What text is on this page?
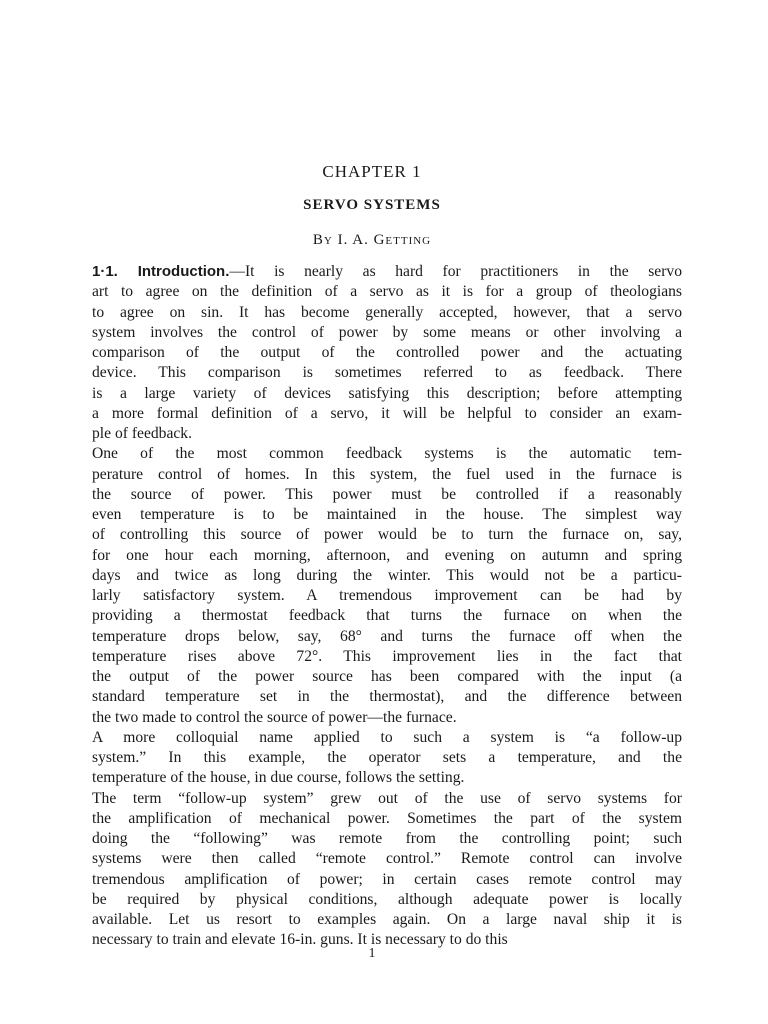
CHAPTER 1
SERVO SYSTEMS
By I. A. Getting

1·1. Introduction.—It is nearly as hard for practitioners in the servo
art to agree on the definition of a servo as it is for a group of theologians
to agree on sin. It has become generally accepted, however, that a servo
system involves the control of power by some means or other involving a
comparison of the output of the controlled power and the actuating
device. This comparison is sometimes referred to as feedback. There
is a large variety of devices satisfying this description; before attempting
a more formal definition of a servo, it will be helpful to consider an exam-
ple of feedback.

One of the most common feedback systems is the automatic tem-
perature control of homes. In this system, the fuel used in the furnace is
the source of power. This power must be controlled if a reasonably
even temperature is to be maintained in the house. The simplest way
of controlling this source of power would be to turn the furnace on, say,
for one hour each morning, afternoon, and evening on autumn and spring
days and twice as long during the winter. This would not be a particu-
larly satisfactory system. A tremendous improvement can be had by
providing a thermostat feedback that turns the furnace on when the
temperature drops below, say, 68° and turns the furnace off when the
temperature rises above 72°. This improvement lies in the fact that
the output of the power source has been compared with the input (a
standard temperature set in the thermostat), and the difference between
the two made to control the source of power—the furnace.

A more colloquial name applied to such a system is “a follow-up
system.” In this example, the operator sets a temperature, and the
temperature of the house, in due course, follows the setting.

The term “follow-up system” grew out of the use of servo systems for
the amplification of mechanical power. Sometimes the part of the system
doing the “following” was remote from the controlling point; such
systems were then called “remote control.” Remote control can involve
tremendous amplification of power; in certain cases remote control may
be required by physical conditions, although adequate power is locally
available. Let us resort to examples again. On a large naval ship it is
necessary to train and elevate 16-in. guns. It is necessary to do this

1
